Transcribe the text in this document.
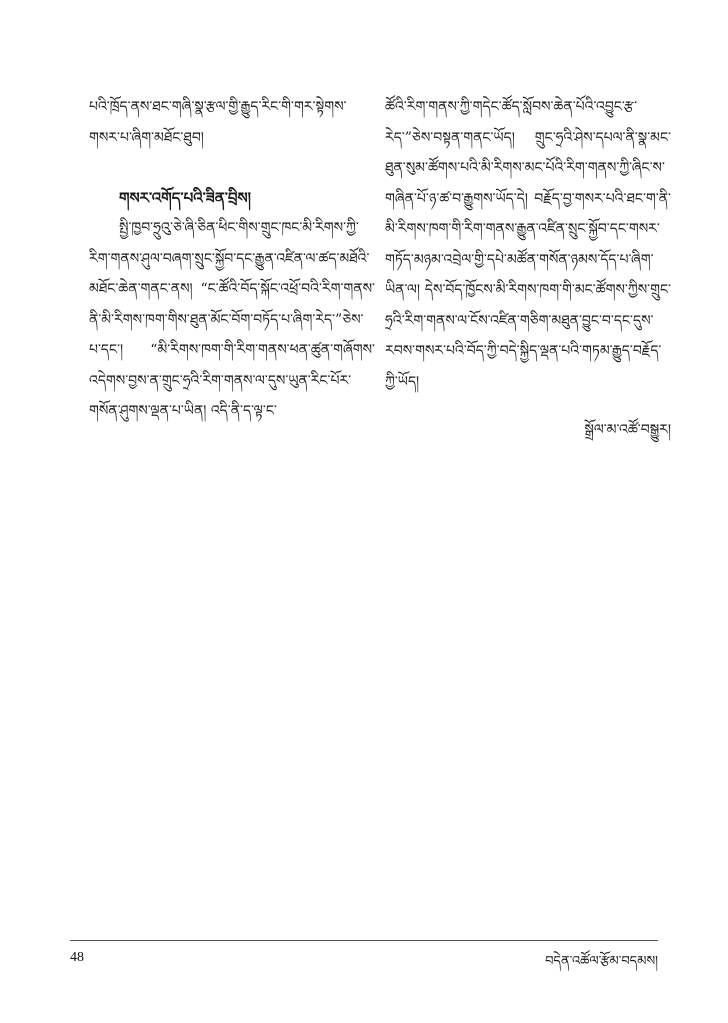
པའི་ཁྲོད་ནས་ཐང་གཞི་སྣ་རྩལ་གྱི་རྒྱུད་རིང་གི་གར་སྟེགས་གསར་པ་ཞིག་མཐོང་ཐུབ།

གསར་འགོད་པའི་ཟིན་བྲིས།

སྤྱི་ཁྱབ་ཧྲུའུ་ཅེ་ཞི་ཅིན་ཕིང་གིས་གྲུང་ཁང་མི་རིགས་ཀྱི་རིག་གནས་ཤུལ་བཞག་སྲུང་སྐྱོབ་དང་རྒྱུན་འཛིན་ལ་ཚད་མཐོའི་མཐོང་ཆེན་གནང་ནས། “ང་ཚོའི་བོད་སྐོང་འཕྲོ་བའི་རིག་གནས་ནི་མི་རིགས་ཁག་གིས་ཐུན་མོང་བོག་བཏོད་པ་ཞིག་རེད་”ཅེས་པ་དང་། “མི་རིགས་ཁག་གི་རིག་གནས་ཕན་ཚུན་གཞོགས་འདེགས་བྱས་ན་གྲུང་ཧྲའི་རིག་གནས་ལ་དུས་ཡུན་རིང་པོར་གསོན་ཤུགས་ལྡན་པ་ཡིན། འདི་ནི་ད་ལྟ་ང་

ཚོའི་རིག་གནས་ཀྱི་གདེང་ཚོད་སློབས་ཆེན་པོའི་འབྱུང་རྩ་རེད་”ཅེས་བསྟན་གནང་ཡོད། གྲུང་ཧྲའི་ཤེས་དཔལ་ནི་སྣ་མང་ཐུན་སུམ་ཚོགས་པའི་མི་རིགས་མང་པོའི་རིག་གནས་ཀྱི་ཞིང་ས་གཞིན་པོ་ཉ་ཚ་བ་རྒྱུགས་ཡོད་དེ། བརྗོད་བྱ་གསར་པའི་ཐང་ག་ནི་མི་རིགས་ཁག་གི་རིག་གནས་རྒྱུན་འཛིན་སྲུང་སྐྱོབ་དང་གསར་གཏོད་མཉམ་འབྲེལ་གྱི་དཔེ་མཚོན་གསོན་ཉམས་དོད་པ་ཞིག་ཡིན་ལ། དེས་བོད་ཁྱོངས་མི་རིགས་ཁག་གི་མང་ཚོགས་ཀྱིས་གྲུང་ཧྲའི་རིག་གནས་ལ་ངོས་འཛིན་གཅིག་མཐུན་བྱུང་བ་དང་དུས་རབས་གསར་པའི་བོད་ཀྱི་བདེ་སྐྱིད་ལྡན་པའི་གཏམ་རྒྱུད་བརྗོད་ཀྱི་ཡོད།

སྒྲོལ་མ་འཚོ་བསྒྱུར།

48	བདེན་འཚོལ་རྩོམ་བདམས།
